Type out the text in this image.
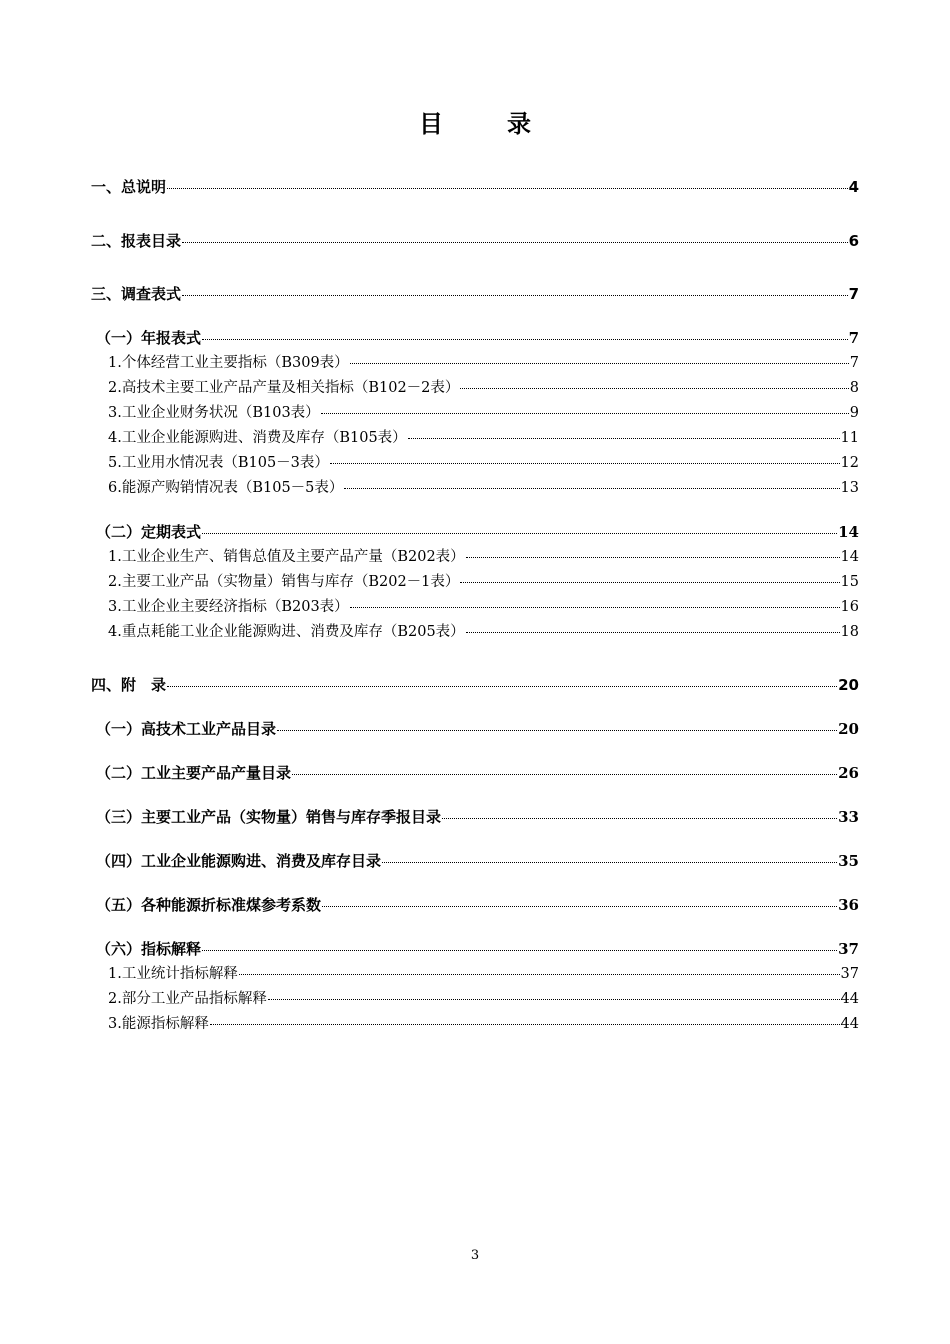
目　录
一、总说明	4
二、报表目录	6
三、调查表式	7
（一）年报表式	7
1.个体经营工业主要指标（B309表）	7
2.高技术主要工业产品产量及相关指标（B102－2表）	8
3.工业企业财务状况（B103表）	9
4.工业企业能源购进、消费及库存（B105表）	11
5.工业用水情况表（B105－3表）	12
6.能源产购销情况表（B105－5表）	13
（二）定期表式	14
1.工业企业生产、销售总值及主要产品产量（B202表）	14
2.主要工业产品（实物量）销售与库存（B202－1表）	15
3.工业企业主要经济指标（B203表）	16
4.重点耗能工业企业能源购进、消费及库存（B205表）	18
四、附　录	20
（一）高技术工业产品目录	20
（二）工业主要产品产量目录	26
（三）主要工业产品（实物量）销售与库存季报目录	33
（四）工业企业能源购进、消费及库存目录	35
（五）各种能源折标准煤参考系数	36
（六）指标解释	37
1.工业统计指标解释	37
2.部分工业产品指标解释	44
3.能源指标解释	44
3
